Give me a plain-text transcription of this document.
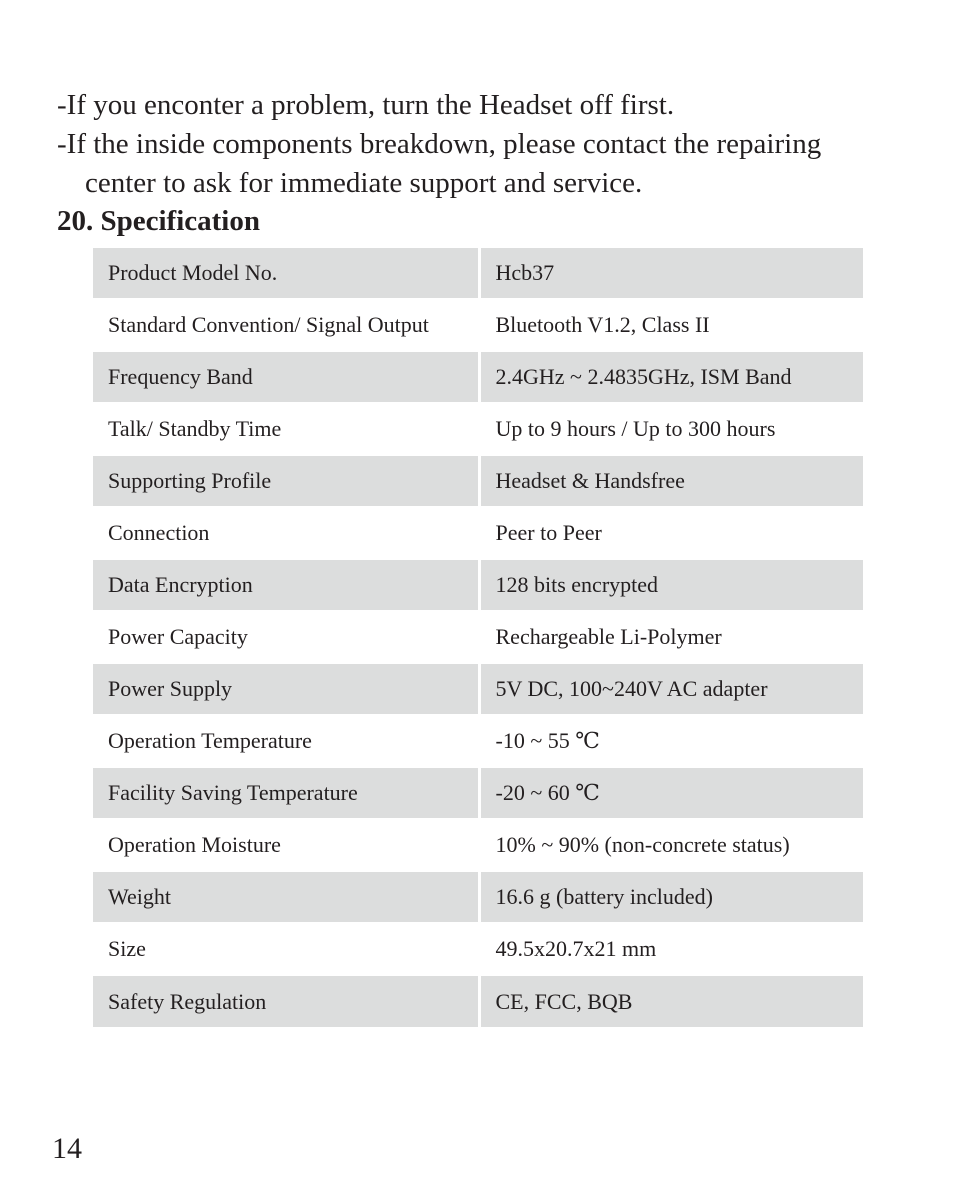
-If you enconter a problem, turn the Headset off first.

-If the inside components breakdown, please contact the repairing
center to ask for immediate support and service.

20. Specification
Product Model No.	Hcb37
Standard Convention/ Signal Output	Bluetooth V1.2, Class II
Frequency Band	2.4GHz ~ 2.4835GHz, ISM Band
Talk/ Standby Time	Up to 9 hours / Up to 300 hours
Supporting Profile	Headset & Handsfree
Connection	Peer to Peer
Data Encryption	128 bits encrypted
Power Capacity	Rechargeable Li-Polymer
Power Supply	5V DC, 100~240V AC adapter
Operation Temperature	-10 ~ 55 ℃
Facility Saving Temperature	-20 ~ 60 ℃
Operation Moisture	10% ~ 90% (non-concrete status)
Weight	16.6 g (battery included)
Size	49.5x20.7x21 mm
Safety Regulation	CE, FCC, BQB

14
